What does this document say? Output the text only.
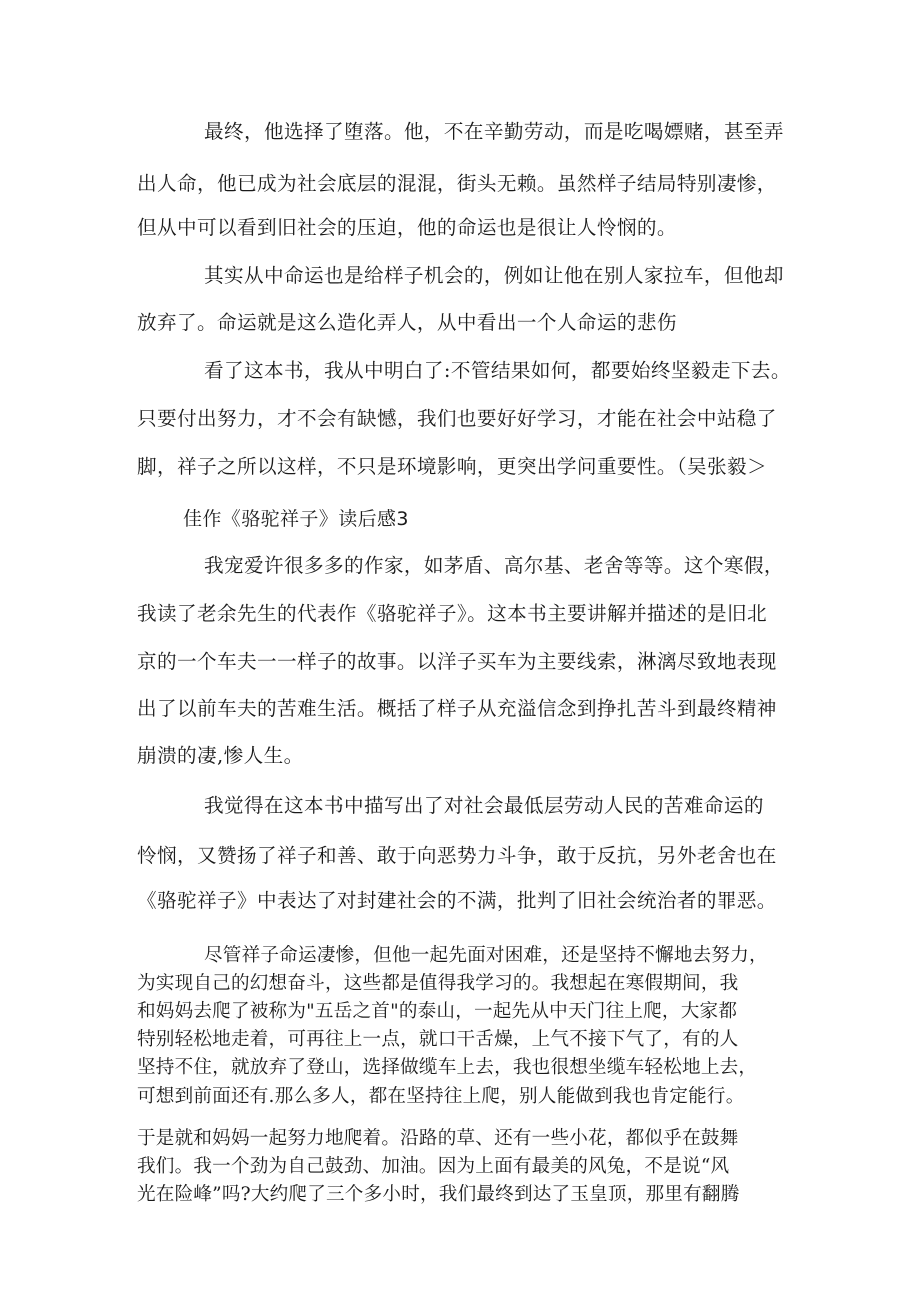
最终，他选择了堕落。他，不在辛勤劳动，而是吃喝嫖赌，甚至弄
出人命，他已成为社会底层的混混，街头无赖。虽然样子结局特别凄惨，
但从中可以看到旧社会的压迫，他的命运也是很让人怜悯的。
其实从中命运也是给样子机会的，例如让他在别人家拉车，但他却
放弃了。命运就是这么造化弄人，从中看出一个人命运的悲伤
看了这本书，我从中明白了:不管结果如何，都要始终坚毅走下去。
只要付出努力，才不会有缺憾，我们也要好好学习，才能在社会中站稳了
脚，祥子之所以这样，不只是环境影响，更突出学问重要性。（吴张毅＞
佳作《骆驼祥子》读后感3
我宠爱许很多多的作家，如茅盾、高尔基、老舍等等。这个寒假，
我读了老余先生的代表作《骆驼祥子》。这本书主要讲解并描述的是旧北
京的一个车夫一一样子的故事。以洋子买车为主要线索，淋漓尽致地表现
出了以前车夫的苦难生活。概括了样子从充溢信念到挣扎苦斗到最终精神
崩溃的凄,惨人生。
我觉得在这本书中描写出了对社会最低层劳动人民的苦难命运的
怜悯，又赞扬了祥子和善、敢于向恶势力斗争，敢于反抗，另外老舍也在
《骆驼祥子》中表达了对封建社会的不满，批判了旧社会统治者的罪恶。
尽管祥子命运凄惨，但他一起先面对困难，还是坚持不懈地去努力，
为实现自己的幻想奋斗，这些都是值得我学习的。我想起在寒假期间，我
和妈妈去爬了被称为"五岳之首"的泰山，一起先从中天门往上爬，大家都
特别轻松地走着，可再往上一点，就口干舌燥，上气不接下气了，有的人
坚持不住，就放弃了登山，选择做缆车上去，我也很想坐缆车轻松地上去，
可想到前面还有.那么多人，都在坚持往上爬，别人能做到我也肯定能行。
于是就和妈妈一起努力地爬着。沿路的草、还有一些小花，都似乎在鼓舞
我们。我一个劲为自己鼓劲、加油。因为上面有最美的风兔，不是说“风
光在险峰”吗?大约爬了三个多小时，我们最终到达了玉皇顶，那里有翻腾
